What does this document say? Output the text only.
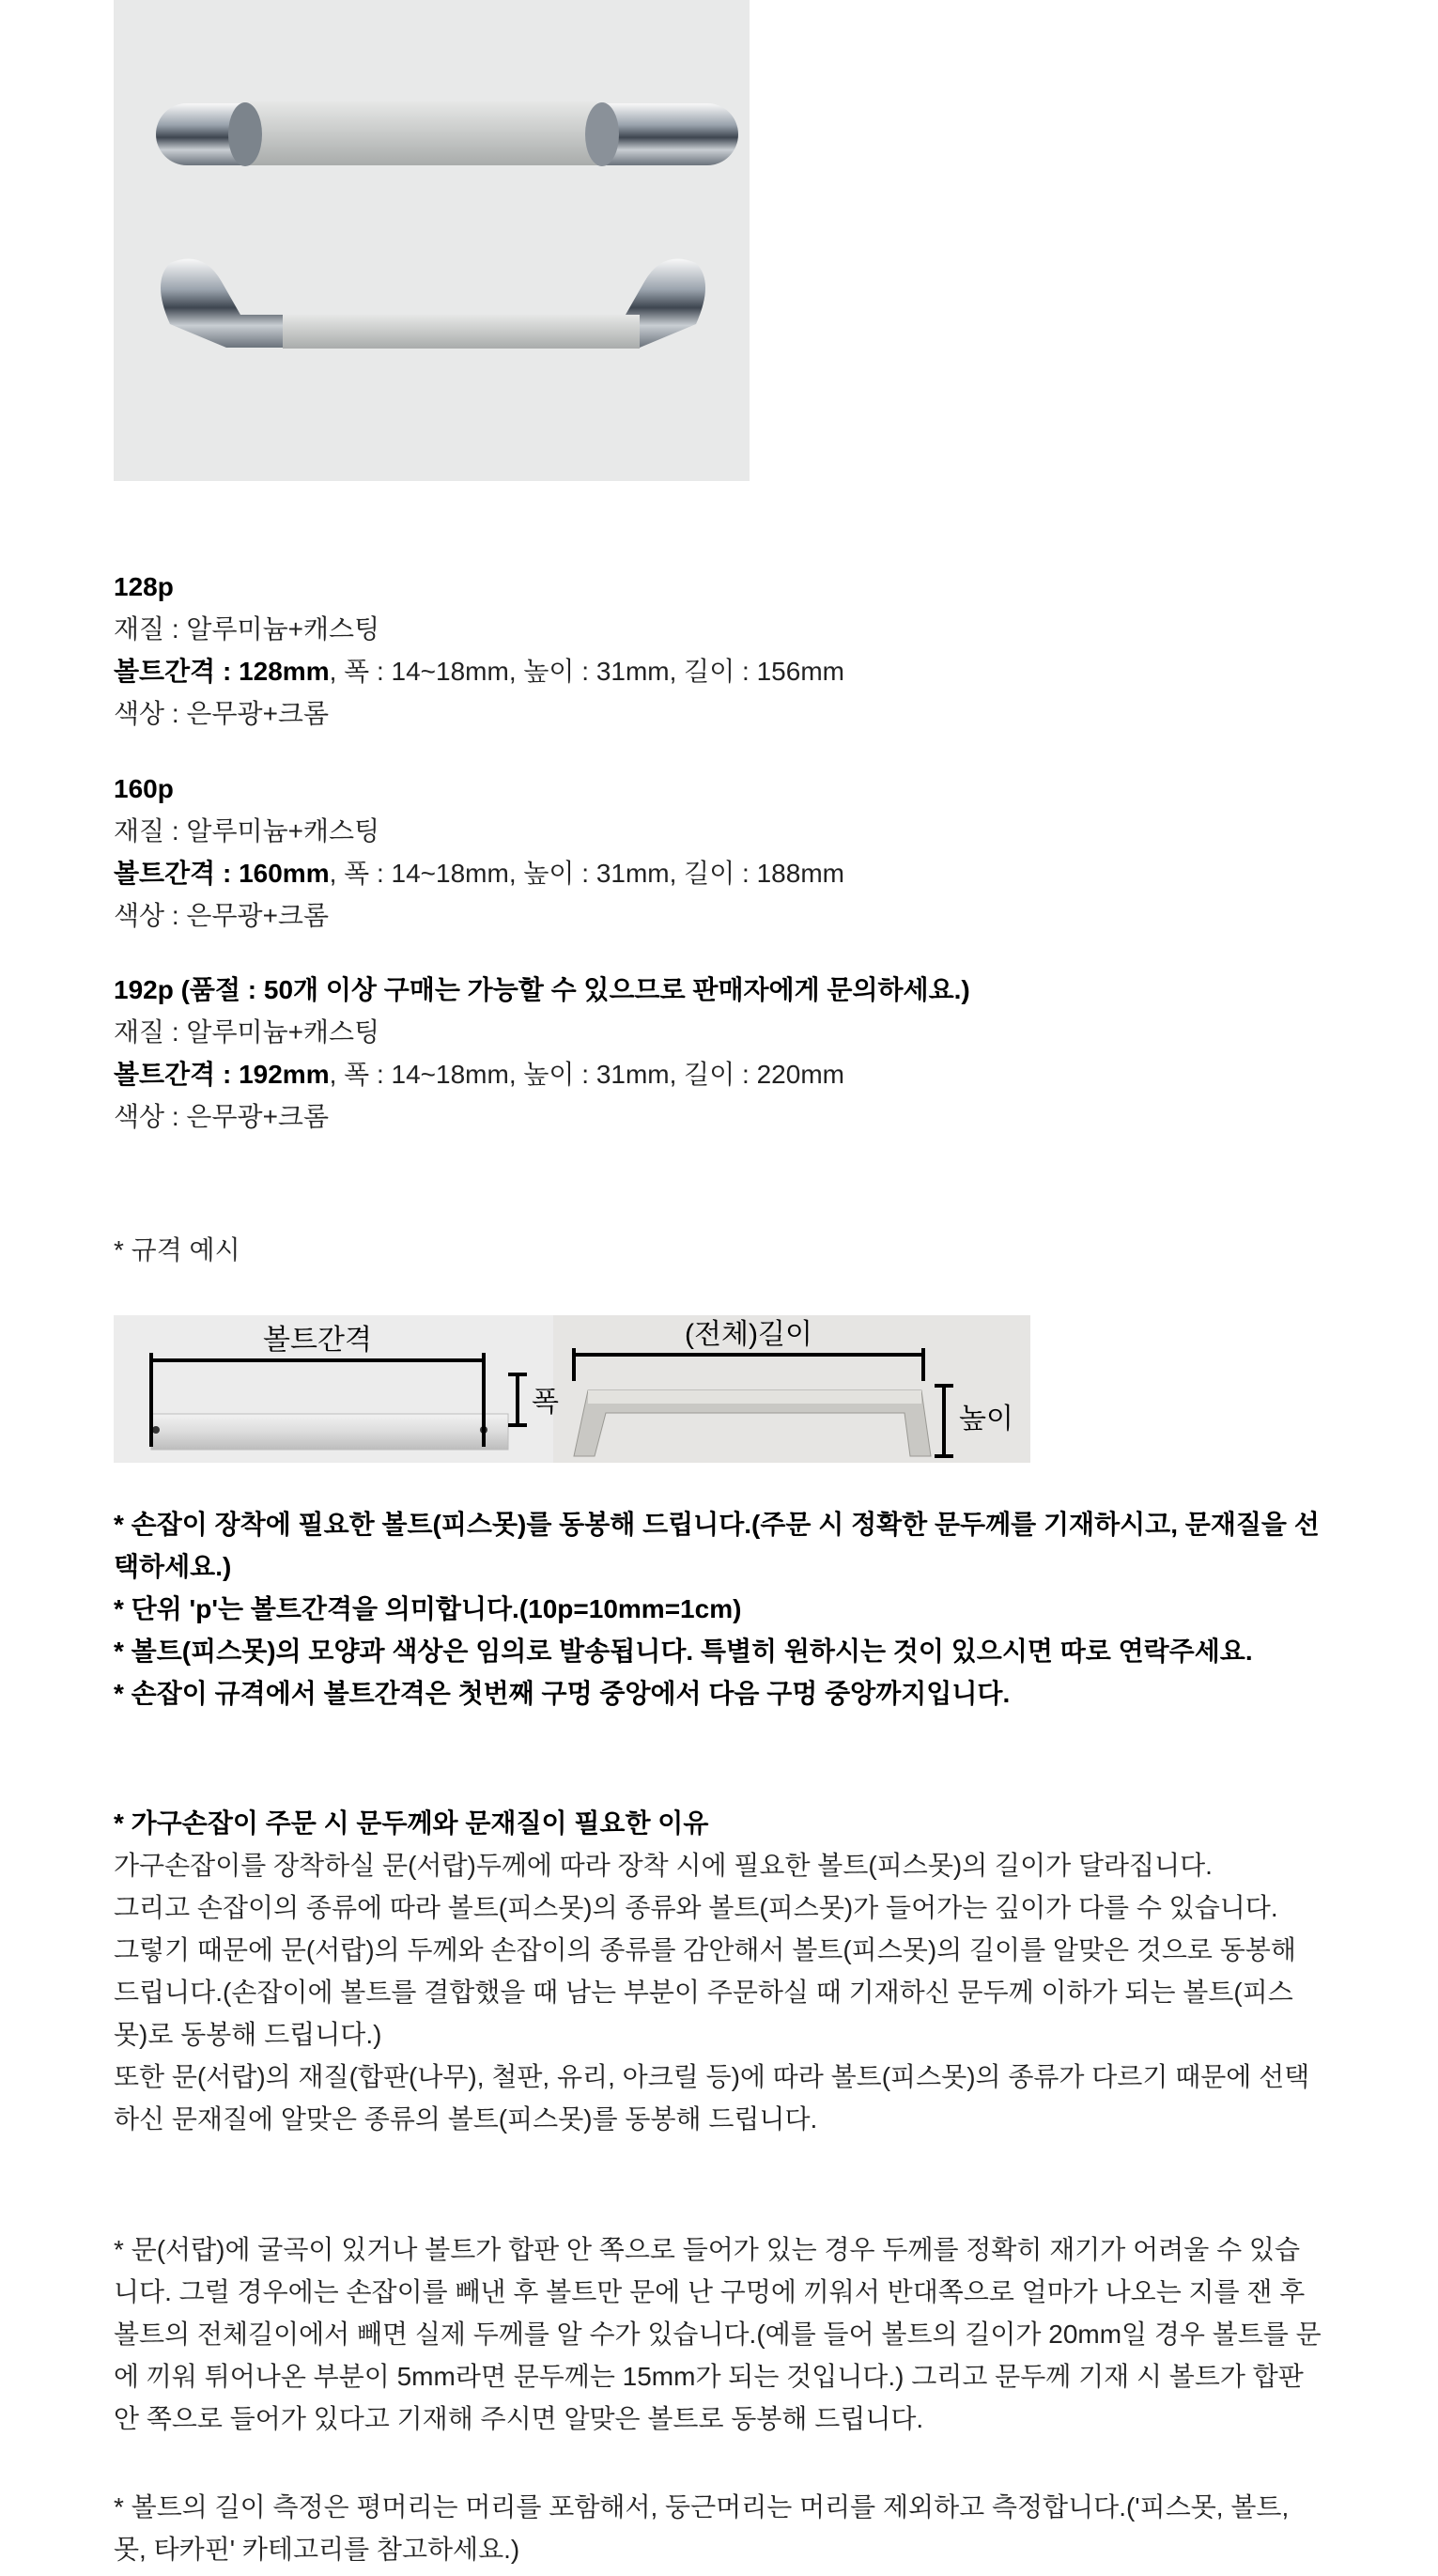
128p
재질 : 알루미늄+캐스팅
볼트간격 : 128mm, 폭 : 14~18mm, 높이 : 31mm, 길이 : 156mm
색상 : 은무광+크롬
160p
재질 : 알루미늄+캐스팅
볼트간격 : 160mm, 폭 : 14~18mm, 높이 : 31mm, 길이 : 188mm
색상 : 은무광+크롬
192p (품절 : 50개 이상 구매는 가능할 수 있으므로 판매자에게 문의하세요.)
재질 : 알루미늄+캐스팅
볼트간격 : 192mm, 폭 : 14~18mm, 높이 : 31mm, 길이 : 220mm
색상 : 은무광+크롬
* 규격 예시
볼트간격
폭
(전체)길이
높이
* 손잡이 장착에 필요한 볼트(피스못)를 동봉해 드립니다.(주문 시 정확한 문두께를 기재하시고, 문재질을 선택하세요.)
* 단위 'p'는 볼트간격을 의미합니다.(10p=10mm=1cm)
* 볼트(피스못)의 모양과 색상은 임의로 발송됩니다. 특별히 원하시는 것이 있으시면 따로 연락주세요.
* 손잡이 규격에서 볼트간격은 첫번째 구멍 중앙에서 다음 구멍 중앙까지입니다.
* 가구손잡이 주문 시 문두께와 문재질이 필요한 이유
가구손잡이를 장착하실 문(서랍)두께에 따라 장착 시에 필요한 볼트(피스못)의 길이가 달라집니다.
그리고 손잡이의 종류에 따라 볼트(피스못)의 종류와 볼트(피스못)가 들어가는 깊이가 다를 수 있습니다.
그렇기 때문에 문(서랍)의 두께와 손잡이의 종류를 감안해서 볼트(피스못)의 길이를 알맞은 것으로 동봉해 드립니다.(손잡이에 볼트를 결합했을 때 남는 부분이 주문하실 때 기재하신 문두께 이하가 되는 볼트(피스못)로 동봉해 드립니다.)
또한 문(서랍)의 재질(합판(나무), 철판, 유리, 아크릴 등)에 따라 볼트(피스못)의 종류가 다르기 때문에 선택하신 문재질에 알맞은 종류의 볼트(피스못)를 동봉해 드립니다.
* 문(서랍)에 굴곡이 있거나 볼트가 합판 안 쪽으로 들어가 있는 경우 두께를 정확히 재기가 어려울 수 있습니다. 그럴 경우에는 손잡이를 빼낸 후 볼트만 문에 난 구멍에 끼워서 반대쪽으로 얼마가 나오는 지를 잰 후 볼트의 전체길이에서 빼면 실제 두께를 알 수가 있습니다.(예를 들어 볼트의 길이가 20mm일 경우 볼트를 문에 끼워 튀어나온 부분이 5mm라면 문두께는 15mm가 되는 것입니다.) 그리고 문두께 기재 시 볼트가 합판 안 쪽으로 들어가 있다고 기재해 주시면 알맞은 볼트로 동봉해 드립니다.
* 볼트의 길이 측정은 평머리는 머리를 포함해서, 둥근머리는 머리를 제외하고 측정합니다.('피스못, 볼트, 못, 타카핀' 카테고리를 참고하세요.)
